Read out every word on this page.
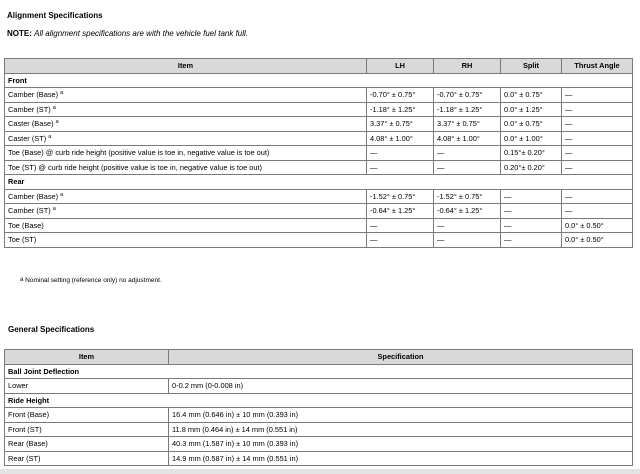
Alignment Specifications

NOTE: All alignment specifications are with the vehicle fuel tank full.

Item	LH	RH	Split	Thrust Angle
Front				
Camber (Base) $^a$	-0.70° ± 0.75°	-0.70° ± 0.75°	0.0° ± 0.75°	—
Camber (ST) $^a$	-1.18° ± 1.25°	-1.18° ± 1.25°	0.0° ± 1.25°	—
Caster (Base) $^a$	3.37° ± 0.75°	3.37° ± 0.75°	0.0° ± 0.75°	—
Caster (ST) $^a$	4.08° ± 1.00°	4.08° ± 1.00°	0.0° ± 1.00°	—
Toe (Base) @ curb ride height (positive value is toe in, negative value is toe out)	—	—	0.15°± 0.20°	—
Toe (ST) @ curb ride height (positive value is toe in, negative value is toe out)	—	—	0.20°± 0.20°	—
Rear				
Camber (Base) $^a$	-1.52° ± 0.75°	-1.52° ± 0.75°	—	—
Camber (ST) $^a$	-0.64° ± 1.25°	-0.64° ± 1.25°	—	—
Toe (Base)	—	—	—	0.0° ± 0.50°
Toe (ST)	—	—	—	0.0° ± 0.50°

$^a$ Nominal setting (reference only) no adjustment.

General Specifications
Item	Specification
Ball Joint Deflection	
Lower	0-0.2 mm (0-0.008 in)
Ride Height	
Front (Base)	16.4 mm (0.646 in) ± 10 mm (0.393 in)
Front (ST)	11.8 mm (0.464 in) ± 14 mm (0.551 in)
Rear (Base)	40.3 mm (1.587 in) ± 10 mm (0.393 in)
Rear (ST)	14.9 mm (0.587 in) ± 14 mm (0.551 in)
